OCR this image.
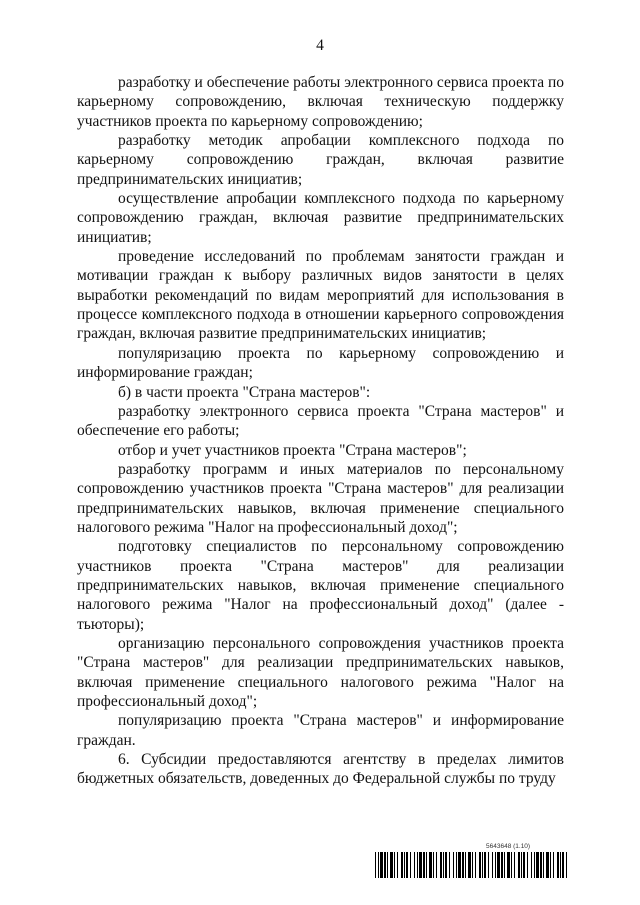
4

разработку и обеспечение работы электронного сервиса проекта по карьерному сопровождению, включая техническую поддержку участников проекта по карьерному сопровождению;

разработку методик апробации комплексного подхода по карьерному сопровождению граждан, включая развитие предпринимательских инициатив;

осуществление апробации комплексного подхода по карьерному сопровождению граждан, включая развитие предпринимательских инициатив;

проведение исследований по проблемам занятости граждан и мотивации граждан к выбору различных видов занятости в целях выработки рекомендаций по видам мероприятий для использования в процессе комплексного подхода в отношении карьерного сопровождения граждан, включая развитие предпринимательских инициатив;

популяризацию проекта по карьерному сопровождению и информирование граждан;

б) в части проекта "Страна мастеров":

разработку электронного сервиса проекта "Страна мастеров" и обеспечение его работы;

отбор и учет участников проекта "Страна мастеров";

разработку программ и иных материалов по персональному сопровождению участников проекта "Страна мастеров" для реализации предпринимательских навыков, включая применение специального налогового режима "Налог на профессиональный доход";

подготовку специалистов по персональному сопровождению участников проекта "Страна мастеров" для реализации предпринимательских навыков, включая применение специального налогового режима "Налог на профессиональный доход" (далее - тьюторы);

организацию персонального сопровождения участников проекта "Страна мастеров" для реализации предпринимательских навыков, включая применение специального налогового режима "Налог на профессиональный доход";

популяризацию проекта "Страна мастеров" и информирование граждан.

6. Субсидии предоставляются агентству в пределах лимитов бюджетных обязательств, доведенных до Федеральной службы по труду

5643648 (1.10)
